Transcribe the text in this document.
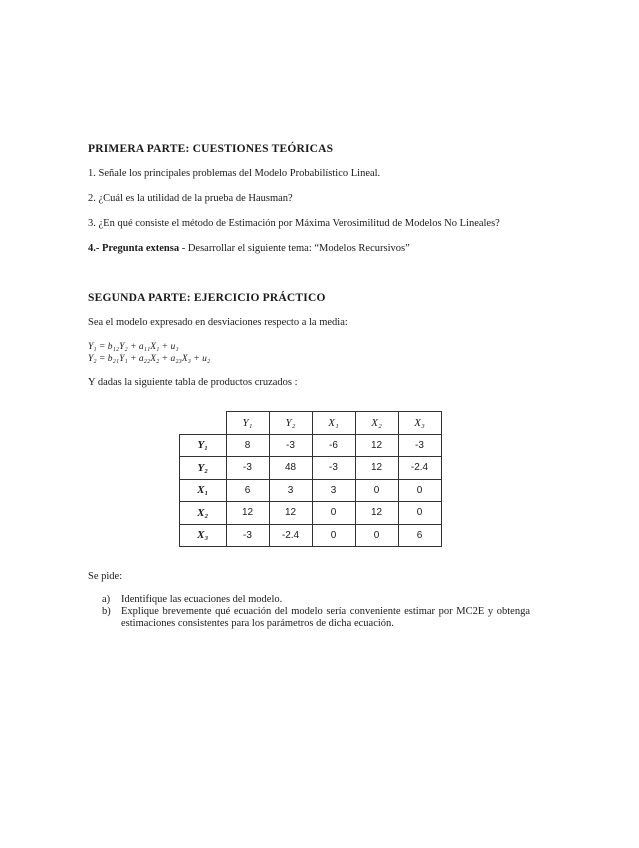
PRIMERA PARTE: CUESTIONES TEÓRICAS
1. Señale los principales problemas del Modelo Probabilístico Lineal.
2. ¿Cuál es la utilidad de la prueba de Hausman?
3. ¿En qué consiste el método de Estimación por Máxima Verosimilitud de Modelos No Lineales?
4.- Pregunta extensa - Desarrollar el siguiente tema: “Modelos Recursivos”
SEGUNDA PARTE: EJERCICIO PRÁCTICO
Sea el modelo expresado en desviaciones respecto a la media:
Y₁ = b₁₂Y₂ + a₁₁X₁ + u₁
Y₂ = b₂₁Y₁ + a₂₂X₂ + a₂₃X₃ + u₂
Y dadas la siguiente tabla de productos cruzados :
	Y₁	Y₂	X₁	X₂	X₃
Y₁	8	-3	-6	12	-3
Y₂	-3	48	-3	12	-2.4
X₁	6	3	3	0	0
X₂	12	12	0	12	0
X₃	-3	-2.4	0	0	6
Se pide:
a) Identifique las ecuaciones del modelo.
b) Explique brevemente qué ecuación del modelo sería conveniente estimar por MC2E y obtenga estimaciones consistentes para los parámetros de dicha ecuación.
